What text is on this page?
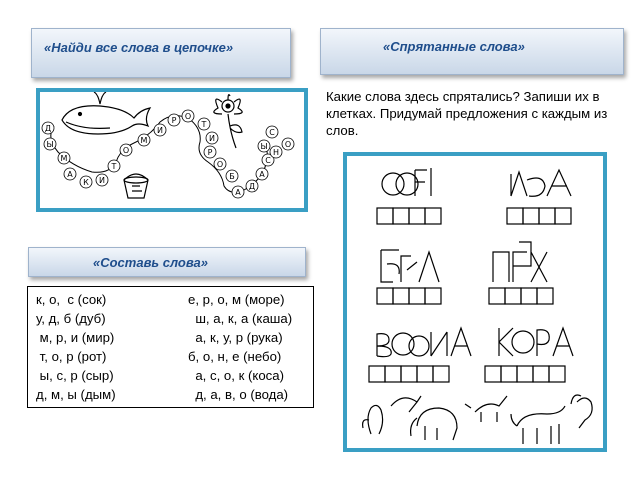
«Найди все слова в цепочке»	«Спрятанные слова»
«Составь слова»
Д
Ы
М
А
К И
Т
О
М
И
Р О
Т
И
Р
О
Б
А
Д
А
С
Ы
Н
О
С
Какие слова здесь спрятались? Запиши их в клетках. Придумай предложения с каждым из слов.
к, о,  с (сок)
у, д, б (дуб)
м, р, и (мир)
т, о, р (рот)
ы, с, р (сыр)
д, м, ы (дым)
е, р, о, м (море)
ш, а, к, а (каша)
а, к, у, р (рука)
б, о, н, е (небо)
а, с, о, к (коса)
д, а, в, о (вода)
